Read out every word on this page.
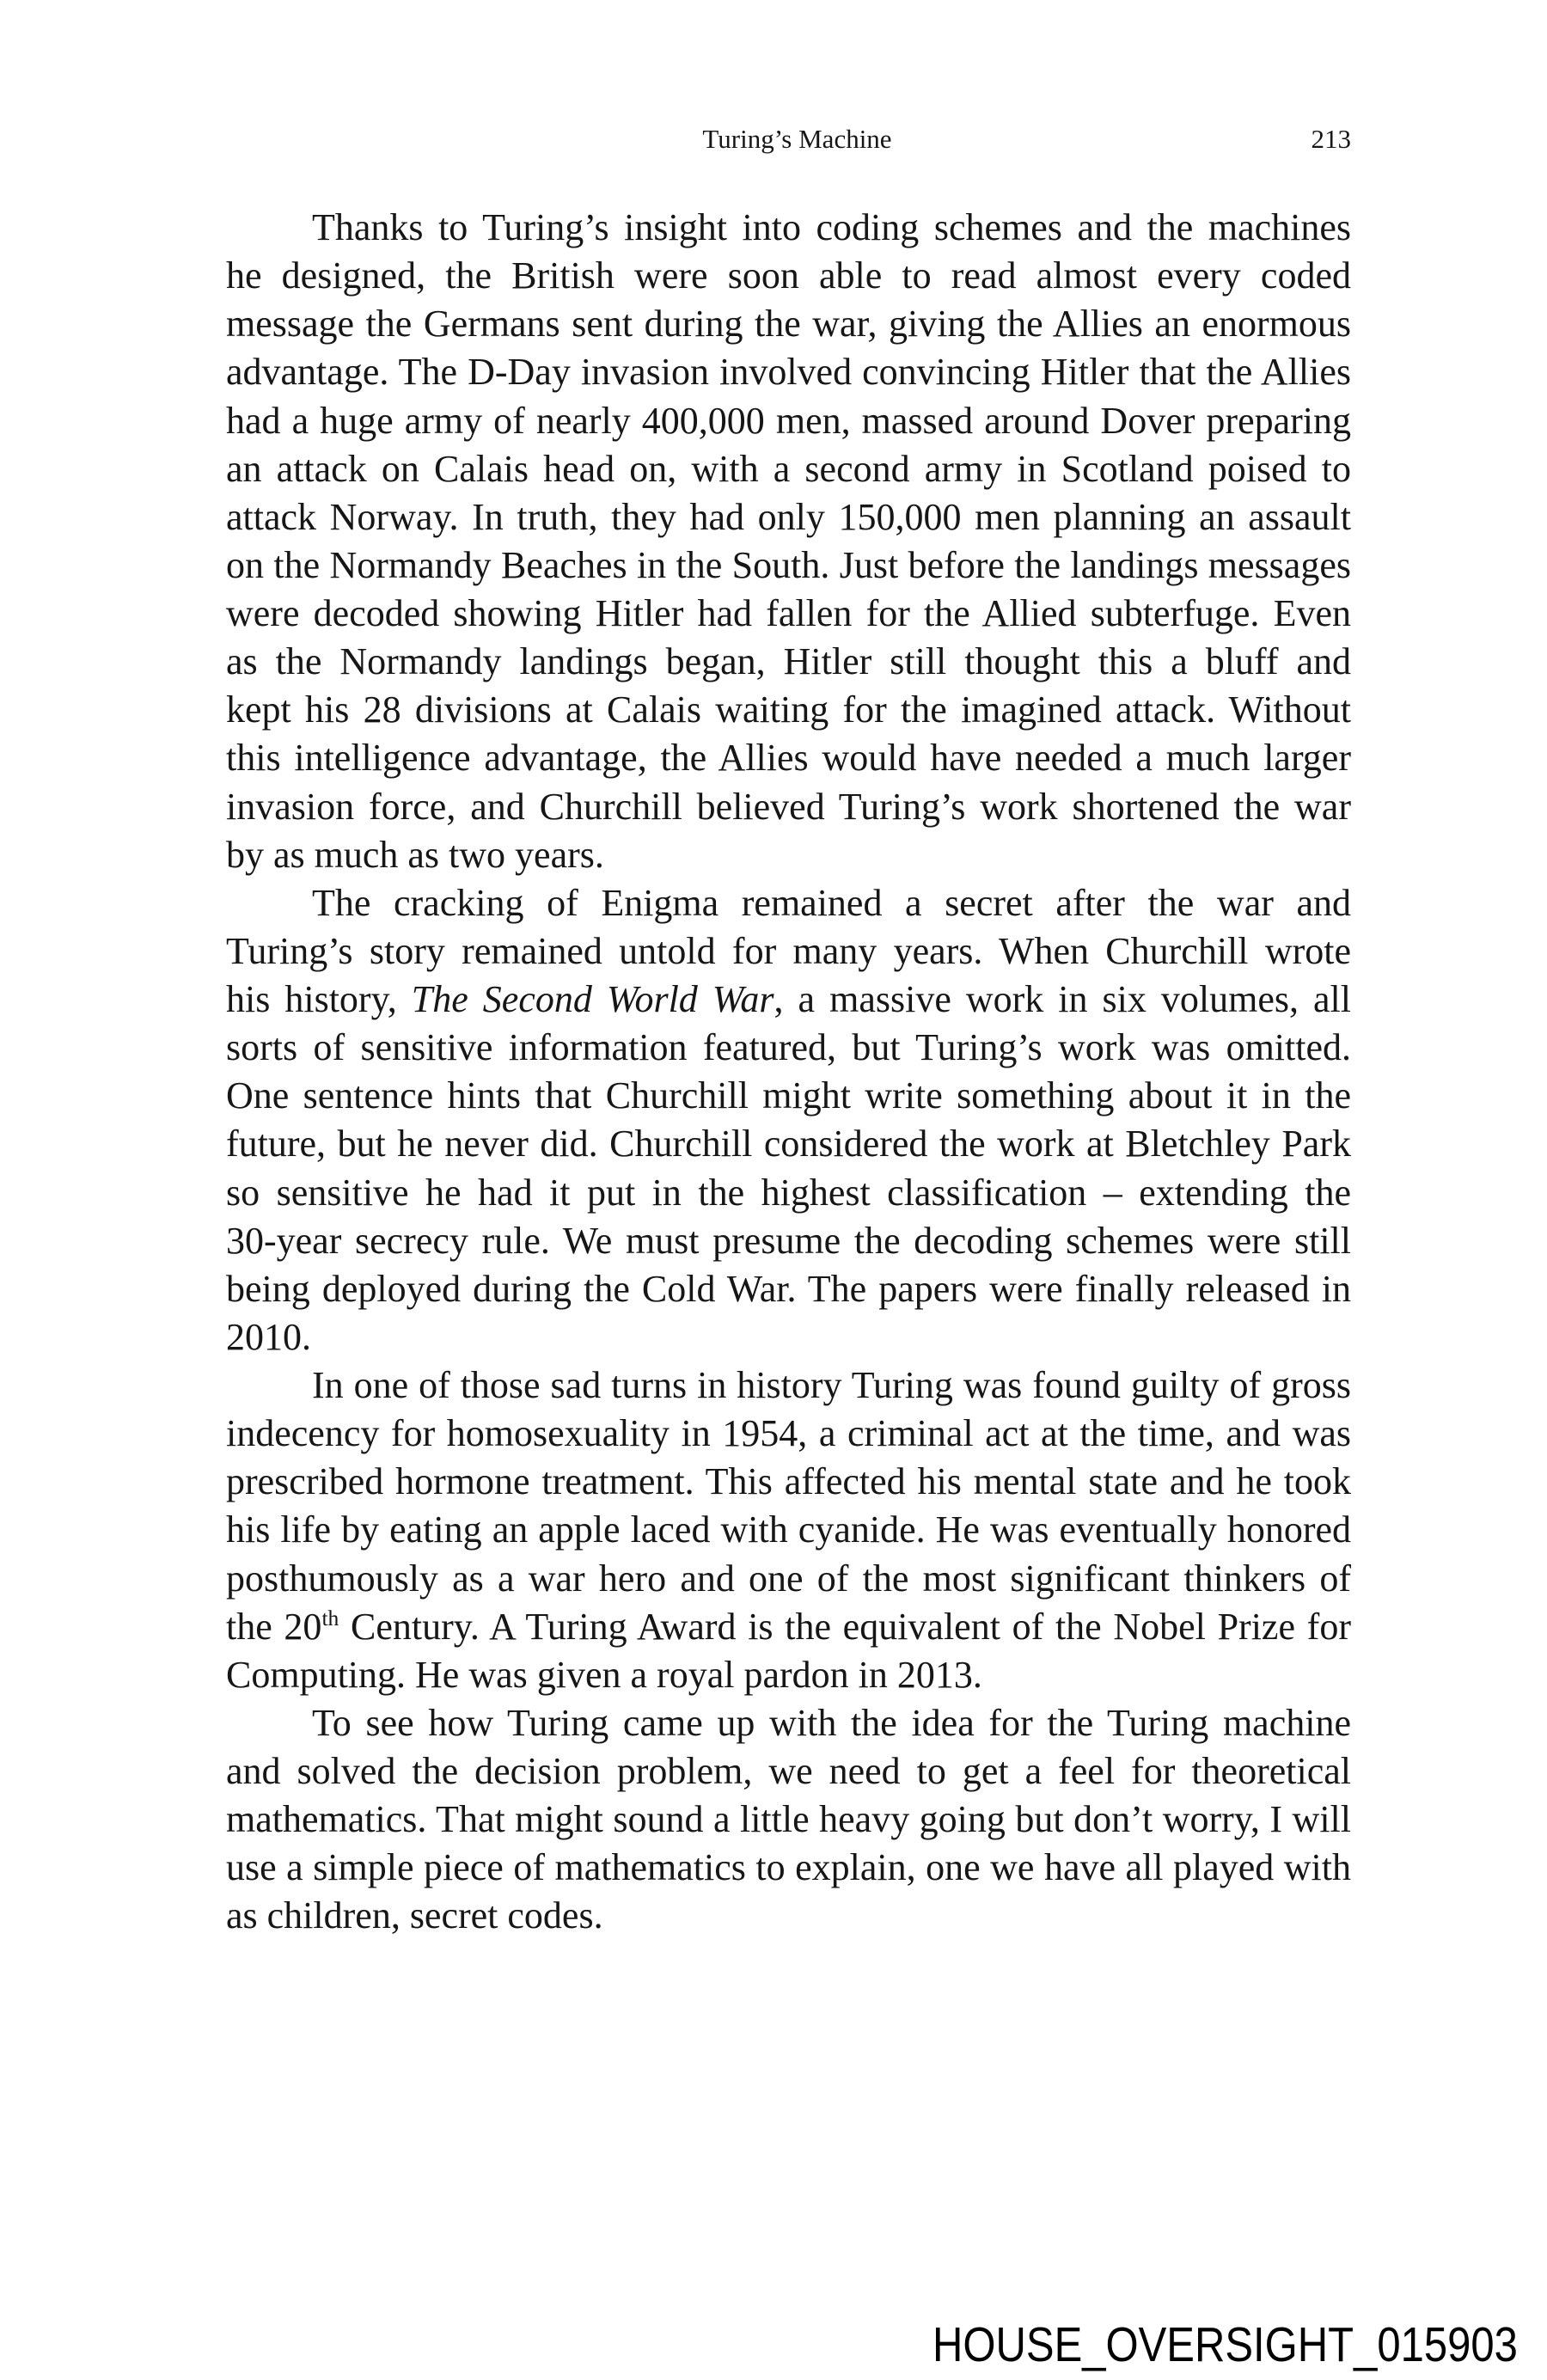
Turing’s Machine	213
Thanks to Turing’s insight into coding schemes and the machines
he designed, the British were soon able to read almost every coded
message the Germans sent during the war, giving the Allies an enormous
advantage. The D-Day invasion involved convincing Hitler that the Allies
had a huge army of nearly 400,000 men, massed around Dover preparing
an attack on Calais head on, with a second army in Scotland poised to
attack Norway. In truth, they had only 150,000 men planning an assault
on the Normandy Beaches in the South. Just before the landings messages
were decoded showing Hitler had fallen for the Allied subterfuge. Even
as the Normandy landings began, Hitler still thought this a bluff and
kept his 28 divisions at Calais waiting for the imagined attack. Without
this intelligence advantage, the Allies would have needed a much larger
invasion force, and Churchill believed Turing’s work shortened the war
by as much as two years.
The cracking of Enigma remained a secret after the war and
Turing’s story remained untold for many years. When Churchill wrote
his history, The Second World War, a massive work in six volumes, all
sorts of sensitive information featured, but Turing’s work was omitted.
One sentence hints that Churchill might write something about it in the
future, but he never did. Churchill considered the work at Bletchley Park
so sensitive he had it put in the highest classification – extending the
30-year secrecy rule. We must presume the decoding schemes were still
being deployed during the Cold War. The papers were finally released in
2010.
In one of those sad turns in history Turing was found guilty of gross
indecency for homosexuality in 1954, a criminal act at the time, and was
prescribed hormone treatment. This affected his mental state and he took
his life by eating an apple laced with cyanide. He was eventually honored
posthumously as a war hero and one of the most significant thinkers of
the 20th Century. A Turing Award is the equivalent of the Nobel Prize for
Computing. He was given a royal pardon in 2013.
To see how Turing came up with the idea for the Turing machine
and solved the decision problem, we need to get a feel for theoretical
mathematics. That might sound a little heavy going but don’t worry, I will
use a simple piece of mathematics to explain, one we have all played with
as children, secret codes.
HOUSE_OVERSIGHT_015903
